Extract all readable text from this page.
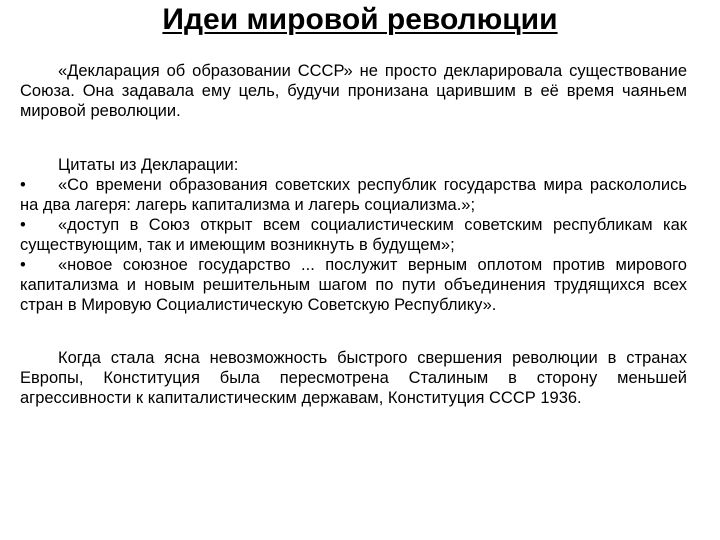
Идеи мировой революции

«Декларация об образовании СССР» не просто декларировала существование Союза. Она задавала ему цель, будучи пронизана царившим в её время чаяньем мировой революции.

Цитаты из Декларации:

• «Со времени образования советских республик государства мира раскололись на два лагеря: лагерь капитализма и лагерь социализма.»;

• «доступ в Союз открыт всем социалистическим советским республикам как существующим, так и имеющим возникнуть в будущем»;

• «новое союзное государство ... послужит верным оплотом против мирового капитализма и новым решительным шагом по пути объединения трудящихся всех стран в Мировую Социалистическую Советскую Республику».

Когда стала ясна невозможность быстрого свершения революции в странах Европы, Конституция была пересмотрена Сталиным в сторону меньшей агрессивности к капиталистическим державам, Конституция СССР 1936.
